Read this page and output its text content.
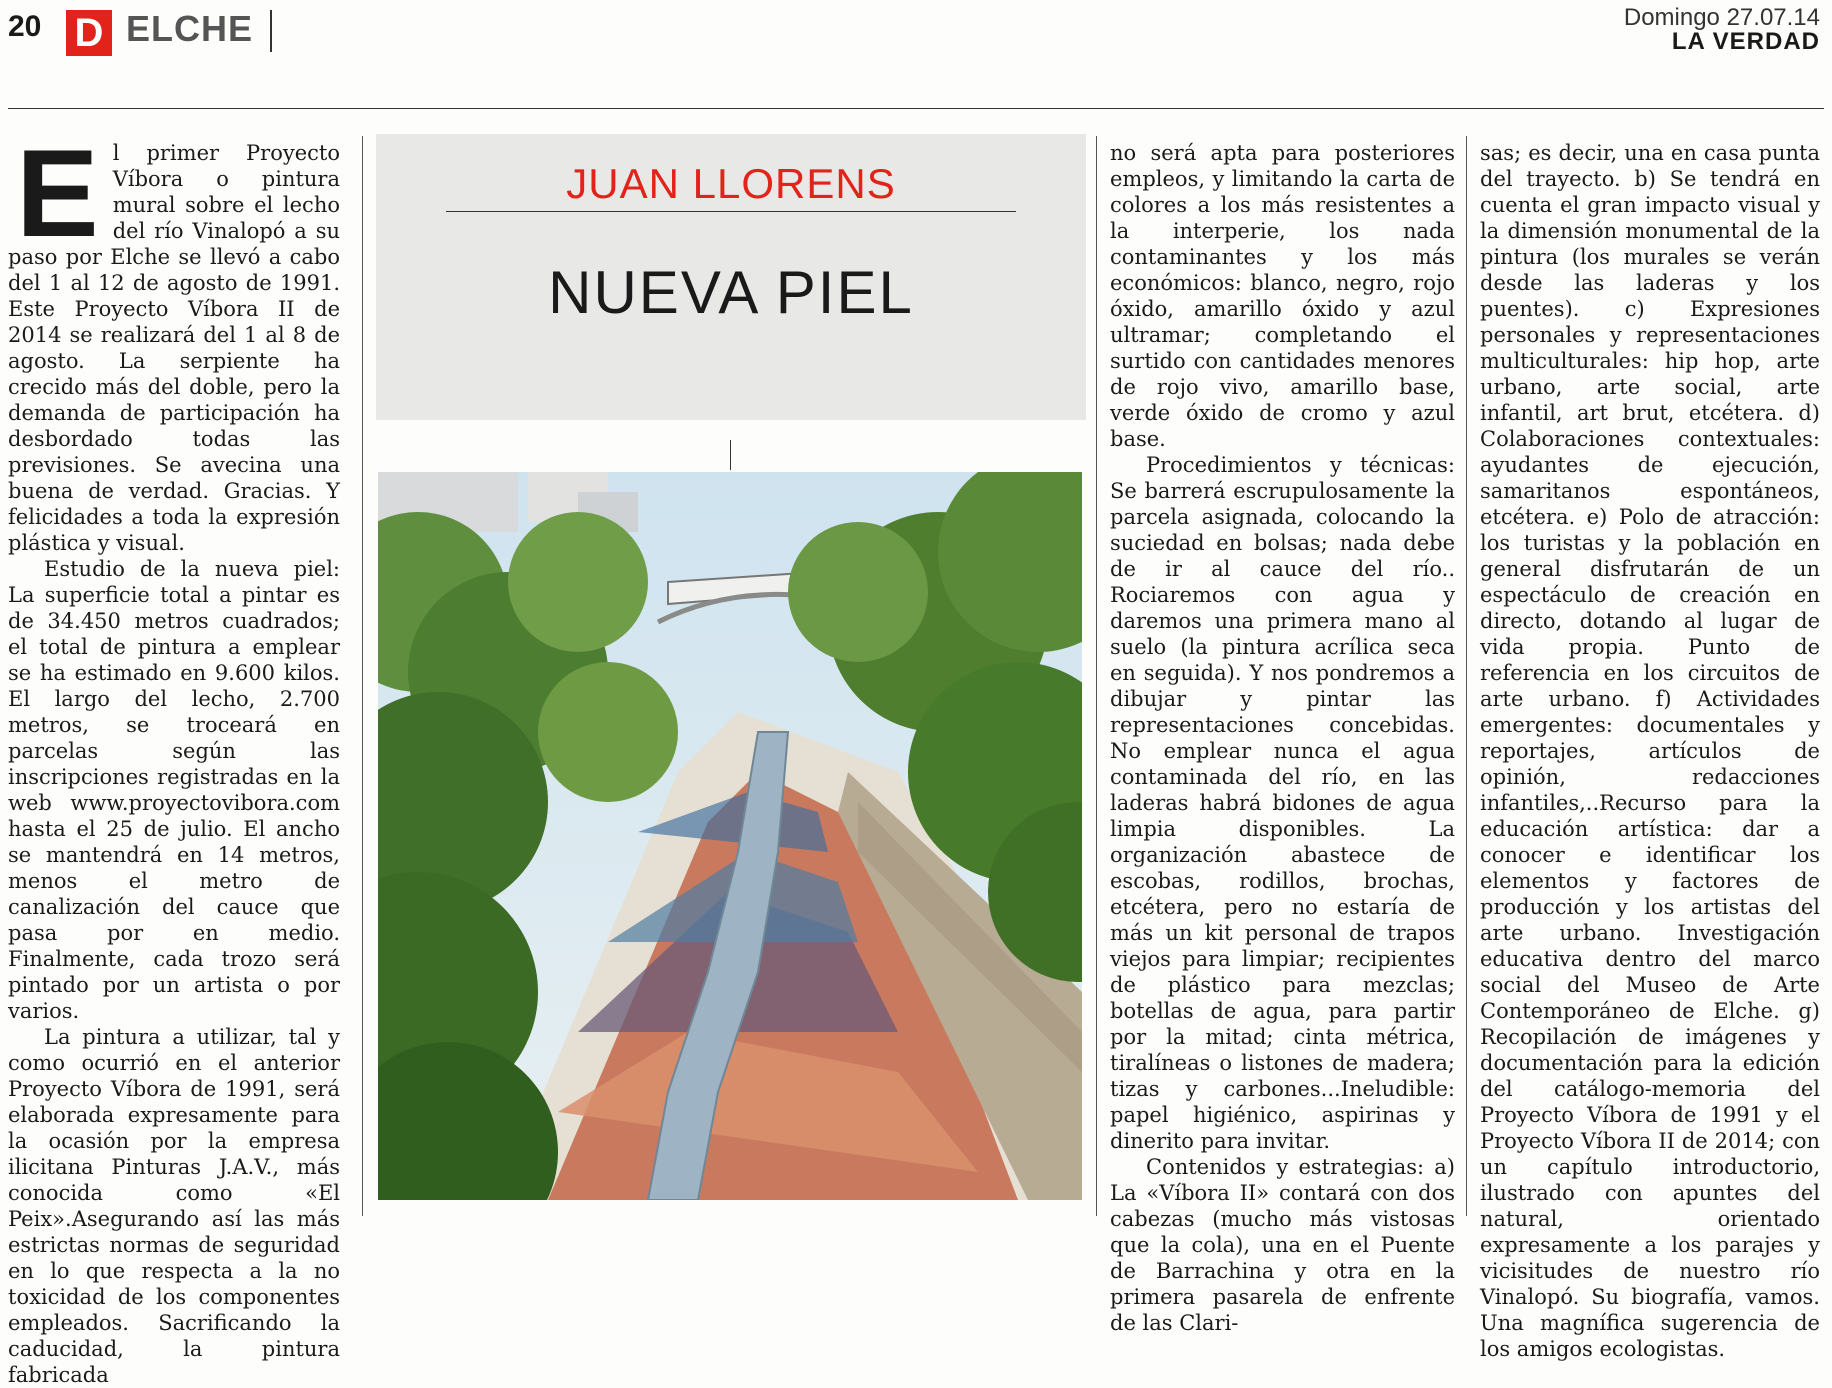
20 D ELCHE	Domingo 27.07.14
LA VERDAD
E l primer Proyecto Víbora o pintura mural sobre el lecho del río Vinalopó a su paso por Elche se llevó a cabo del 1 al 12 de agosto de 1991. Este Proyecto Víbora II de 2014 se realizará del 1 al 8 de agosto. La serpiente ha crecido más del doble, pero la demanda de participación ha desbordado todas las previsiones. Se avecina una buena de verdad. Gracias. Y felicidades a toda la expresión plástica y visual.

Estudio de la nueva piel: La superficie total a pintar es de 34.450 metros cuadrados; el total de pintura a emplear se ha estimado en 9.600 kilos. El largo del lecho, 2.700 metros, se troceará en parcelas según las inscripciones registradas en la web www.proyectovibora.com hasta el 25 de julio. El ancho se mantendrá en 14 metros, menos el metro de canalización del cauce que pasa por en medio. Finalmente, cada trozo será pintado por un artista o por varios.

La pintura a utilizar, tal y como ocurrió en el anterior Proyecto Víbora de 1991, será elaborada expresamente para la ocasión por la empresa ilicitana Pinturas J.A.V., más conocida como «El Peix».Asegurando así las más estrictas normas de seguridad en lo que respecta a la no toxicidad de los componentes empleados. Sacrificando la caducidad, la pintura fabricada

JUAN LLORENS
NUEVA PIEL

no será apta para posteriores empleos, y limitando la carta de colores a los más resistentes a la interperie, los nada contaminantes y los más económicos: blanco, negro, rojo óxido, amarillo óxido y azul ultramar; completando el surtido con cantidades menores de rojo vivo, amarillo base, verde óxido de cromo y azul base.

Procedimientos y técnicas: Se barrerá escrupulosamente la parcela asignada, colocando la suciedad en bolsas; nada debe de ir al cauce del río.. Rociaremos con agua y daremos una primera mano al suelo (la pintura acrílica seca en seguida). Y nos pondremos a dibujar y pintar las representaciones concebidas. No emplear nunca el agua contaminada del río, en las laderas habrá bidones de agua limpia disponibles. La organización abastece de escobas, rodillos, brochas, etcétera, pero no estaría de más un kit personal de trapos viejos para limpiar; recipientes de plástico para mezclas; botellas de agua, para partir por la mitad; cinta métrica, tiralíneas o listones de madera; tizas y carbones...Ineludible: papel higiénico, aspirinas y dinerito para invitar.

Contenidos y estrategias: a) La «Víbora II» contará con dos cabezas (mucho más vistosas que la cola), una en el Puente de Barrachina y otra en la primera pasarela de enfrente de las Clari-

sas; es decir, una en casa punta del trayecto. b) Se tendrá en cuenta el gran impacto visual y la dimensión monumental de la pintura (los murales se verán desde las laderas y los puentes). c) Expresiones personales y representaciones multiculturales: hip hop, arte urbano, arte social, arte infantil, art brut, etcétera. d) Colaboraciones contextuales: ayudantes de ejecución, samaritanos espontáneos, etcétera. e) Polo de atracción: los turistas y la población en general disfrutarán de un espectáculo de creación en directo, dotando al lugar de vida propia. Punto de referencia en los circuitos de arte urbano. f) Actividades emergentes: documentales y reportajes, artículos de opinión, redacciones infantiles,..Recurso para la educación artística: dar a conocer e identificar los elementos y factores de producción y los artistas del arte urbano. Investigación educativa dentro del marco social del Museo de Arte Contemporáneo de Elche. g) Recopilación de imágenes y documentación para la edición del catálogo-memoria del Proyecto Víbora de 1991 y el Proyecto Víbora II de 2014; con un capítulo introductorio, ilustrado con apuntes del natural, orientado expresamente a los parajes y vicisitudes de nuestro río Vinalopó. Su biografía, vamos. Una magnífica sugerencia de los amigos ecologistas.
